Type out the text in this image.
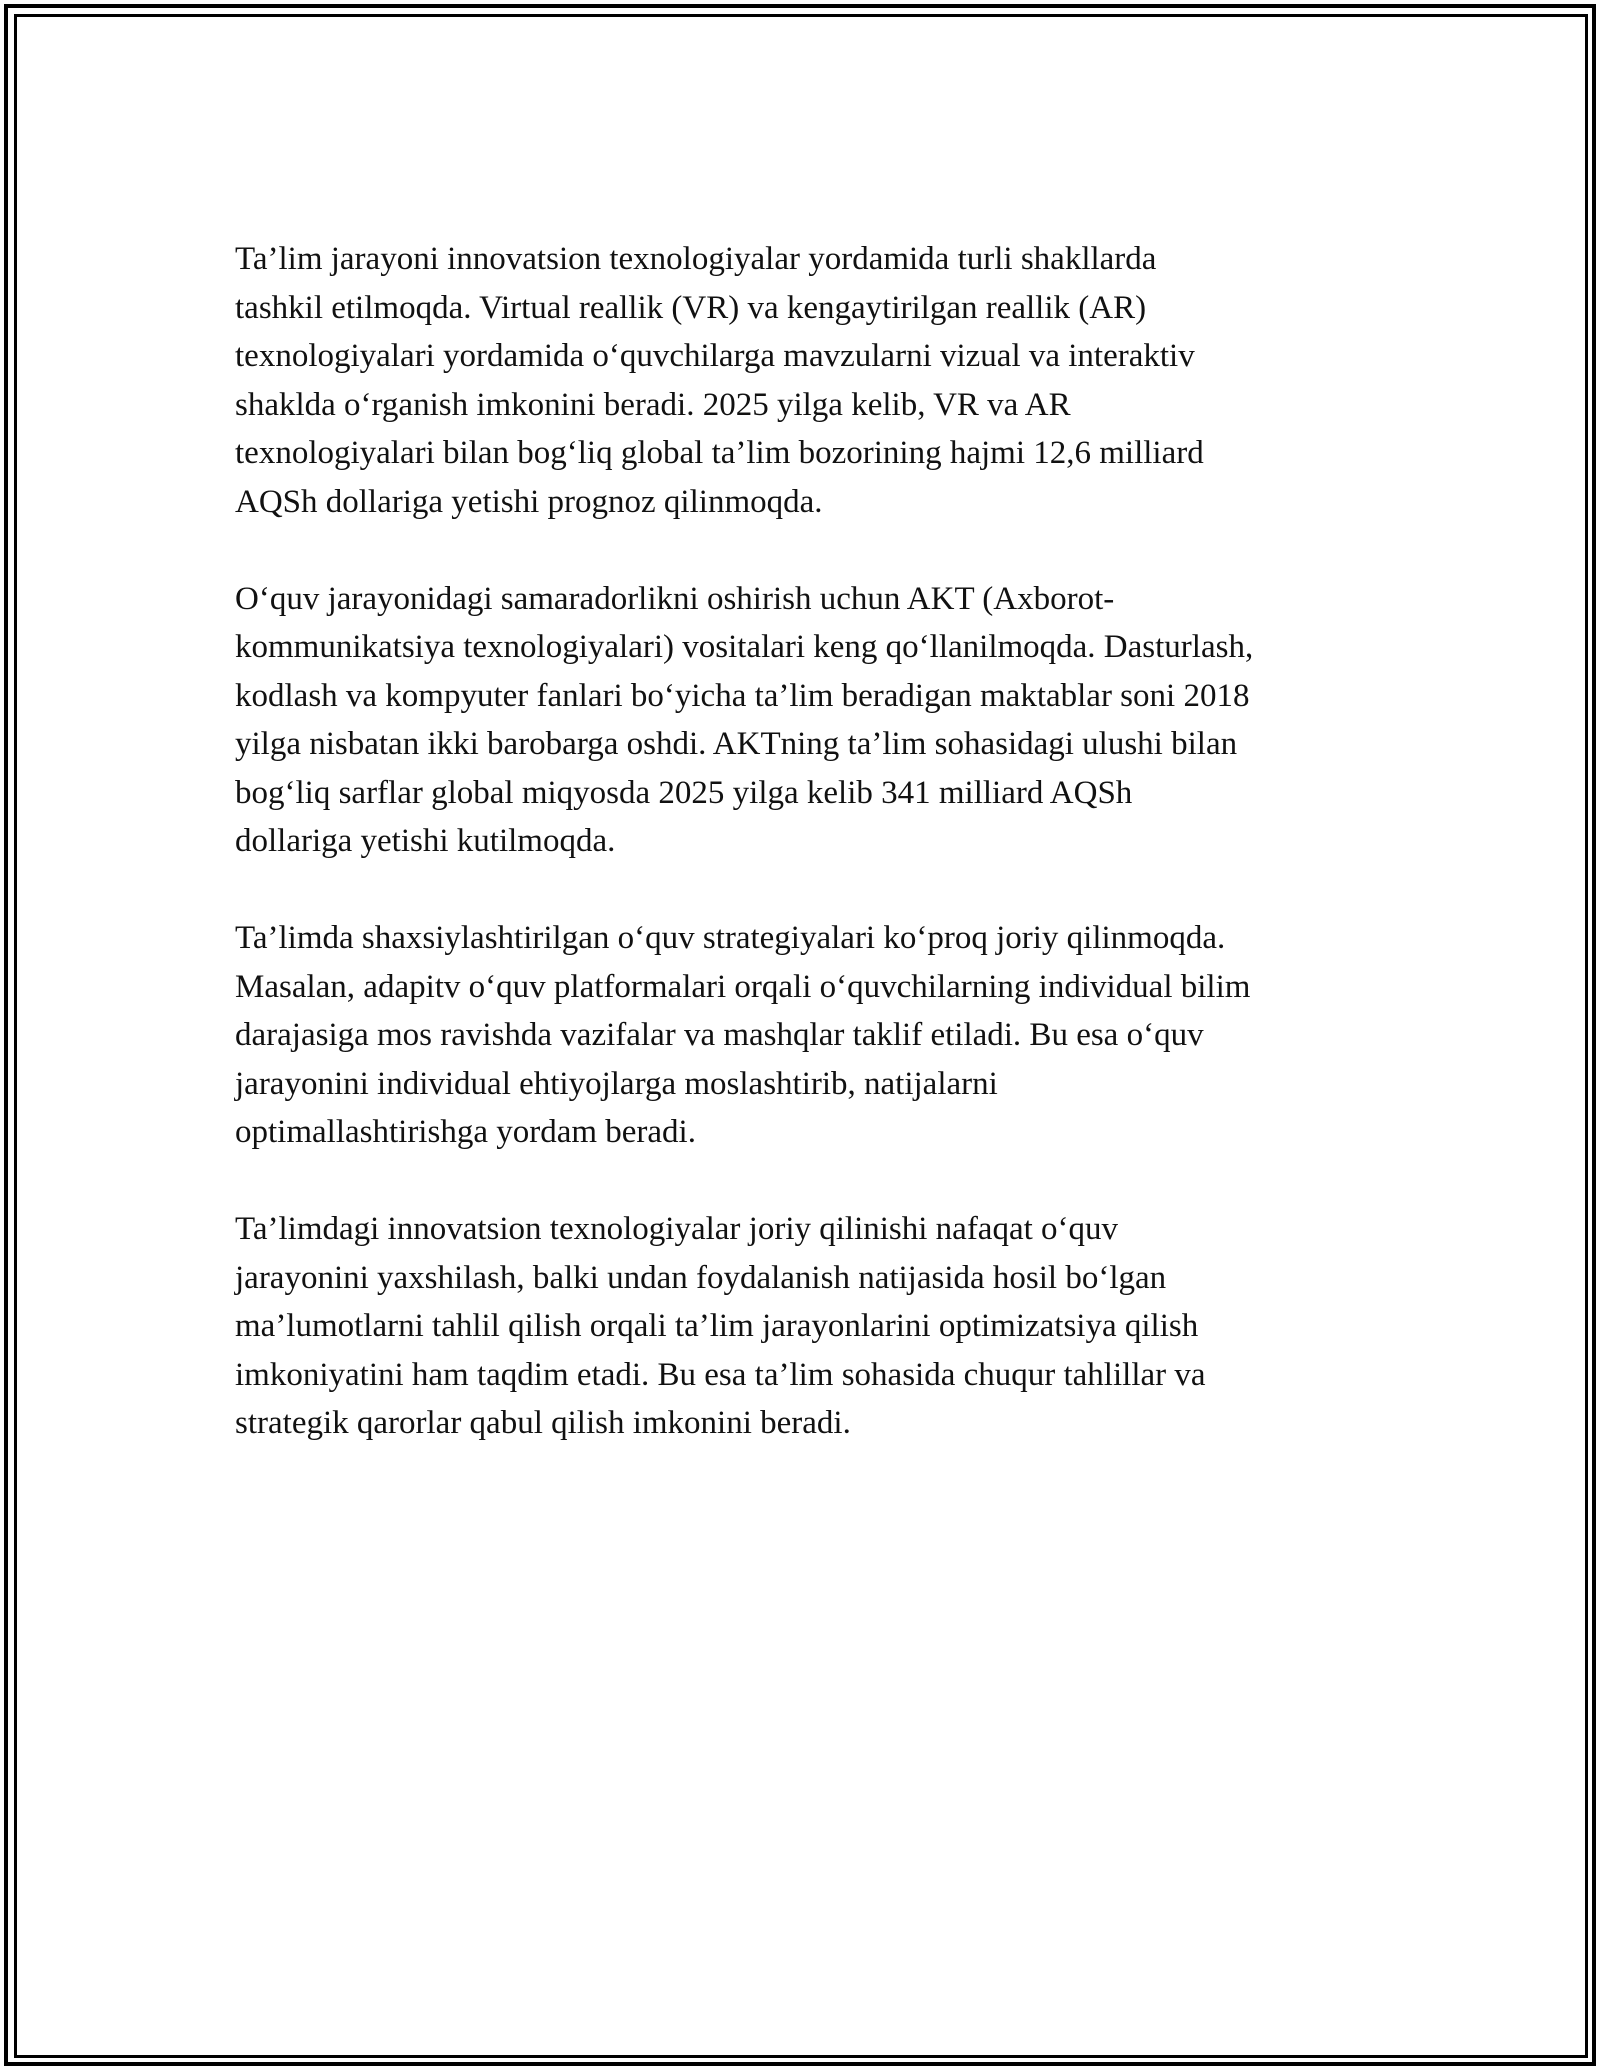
Ta’lim jarayoni innovatsion texnologiyalar yordamida turli shakllarda
tashkil etilmoqda. Virtual reallik (VR) va kengaytirilgan reallik (AR)
texnologiyalari yordamida o‘quvchilarga mavzularni vizual va interaktiv
shaklda o‘rganish imkonini beradi. 2025 yilga kelib, VR va AR
texnologiyalari bilan bog‘liq global ta’lim bozorining hajmi 12,6 milliard
AQSh dollariga yetishi prognoz qilinmoqda.

O‘quv jarayonidagi samaradorlikni oshirish uchun AKT (Axborot-
kommunikatsiya texnologiyalari) vositalari keng qo‘llanilmoqda. Dasturlash,
kodlash va kompyuter fanlari bo‘yicha ta’lim beradigan maktablar soni 2018
yilga nisbatan ikki barobarga oshdi. AKTning ta’lim sohasidagi ulushi bilan
bog‘liq sarflar global miqyosda 2025 yilga kelib 341 milliard AQSh
dollariga yetishi kutilmoqda.

Ta’limda shaxsiylashtirilgan o‘quv strategiyalari ko‘proq joriy qilinmoqda.
Masalan, adapitv o‘quv platformalari orqali o‘quvchilarning individual bilim
darajasiga mos ravishda vazifalar va mashqlar taklif etiladi. Bu esa o‘quv
jarayonini individual ehtiyojlarga moslashtirib, natijalarni
optimallashtirishga yordam beradi.

Ta’limdagi innovatsion texnologiyalar joriy qilinishi nafaqat o‘quv
jarayonini yaxshilash, balki undan foydalanish natijasida hosil bo‘lgan
ma’lumotlarni tahlil qilish orqali ta’lim jarayonlarini optimizatsiya qilish
imkoniyatini ham taqdim etadi. Bu esa ta’lim sohasida chuqur tahlillar va
strategik qarorlar qabul qilish imkonini beradi.
